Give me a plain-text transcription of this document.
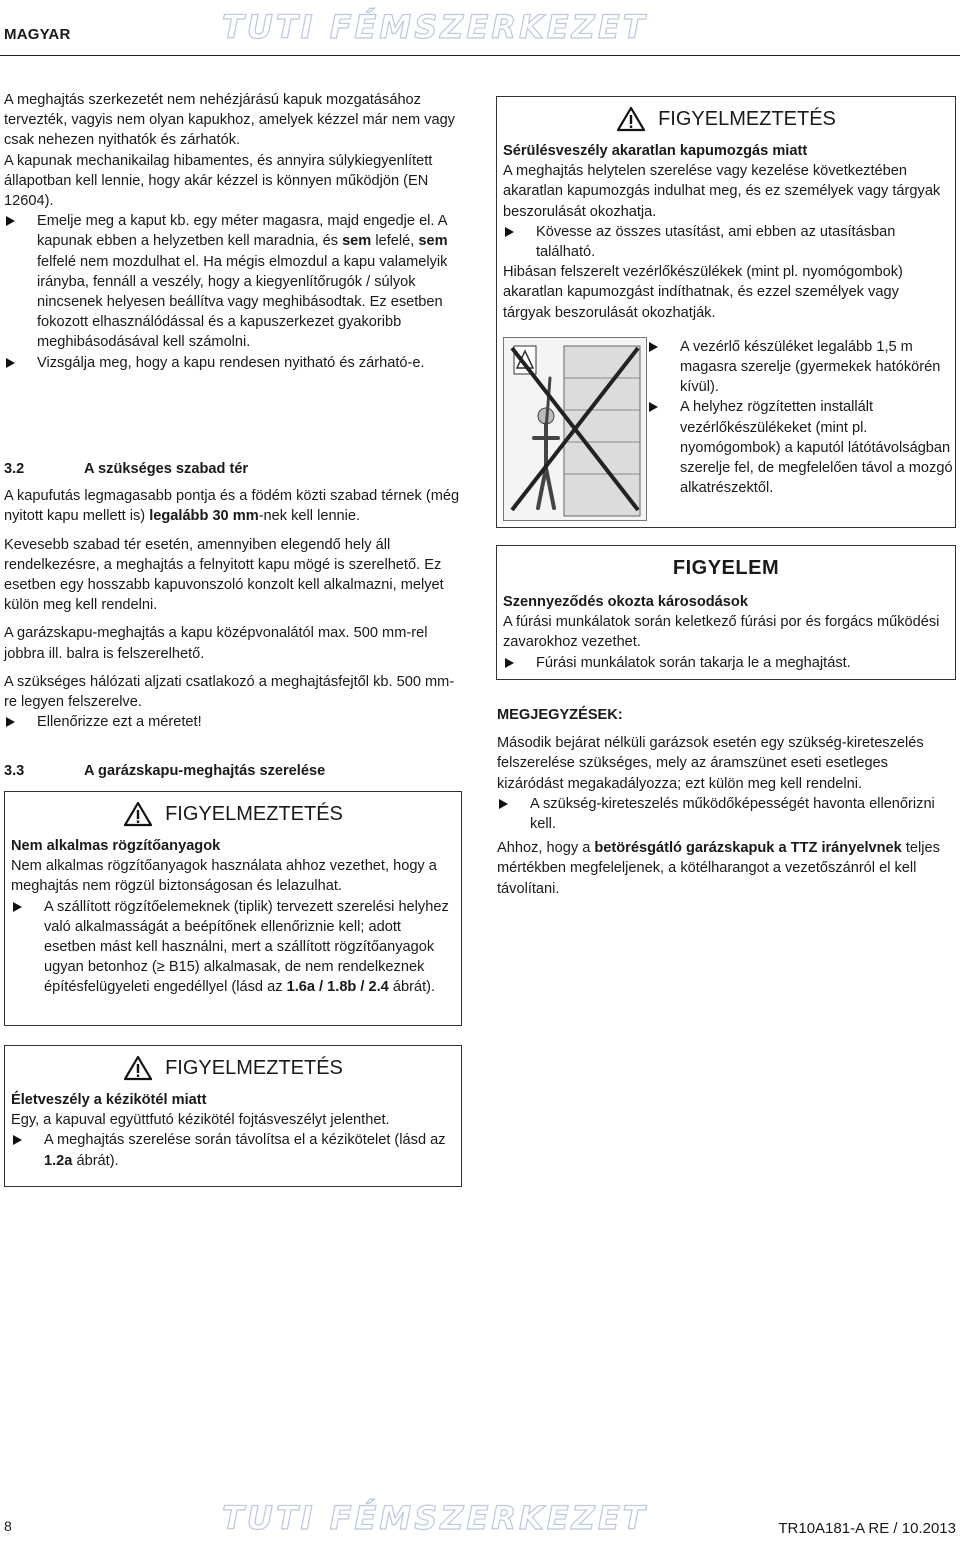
MAGYAR	TUTI FÉMSZERKEZET

A meghajtás szerkezetét nem nehézjárású kapuk mozgatásához tervezték, vagyis nem olyan kapukhoz, amelyek kézzel már nem vagy csak nehezen nyithatók és zárhatók.

A kapunak mechanikailag hibamentes, és annyira súlykiegyenlített állapotban kell lennie, hogy akár kézzel is könnyen működjön (EN 12604).

Emelje meg a kaput kb. egy méter magasra, majd engedje el. A kapunak ebben a helyzetben kell maradnia, és sem lefelé, sem felfelé nem mozdulhat el. Ha mégis elmozdul a kapu valamelyik irányba, fennáll a veszély, hogy a kiegyenlítőrugók / súlyok nincsenek helyesen beállítva vagy meghibásodtak. Ez esetben fokozott elhasználódással és a kapuszerkezet gyakoribb meghibásodásával kell számolni.
Vizsgálja meg, hogy a kapu rendesen nyitható és zárható-e.
3.2	A szükséges szabad tér

A kapufutás legmagasabb pontja és a födém közti szabad térnek (még nyitott kapu mellett is) legalább 30 mm-nek kell lennie.

Kevesebb szabad tér esetén, amennyiben elegendő hely áll rendelkezésre, a meghajtás a felnyitott kapu mögé is szerelhető. Ez esetben egy hosszabb kapuvonszoló konzolt kell alkalmazni, melyet külön meg kell rendelni.

A garázskapu-meghajtás a kapu középvonalától max. 500 mm-rel jobbra ill. balra is felszerelhető.

A szükséges hálózati aljzati csatlakozó a meghajtásfejtől kb. 500 mm-re legyen felszerelve.

Ellenőrizze ezt a méretet!
3.3	A garázskapu-meghajtás szerelése
FIGYELMEZTETÉS
Nem alkalmas rögzítőanyagok

Nem alkalmas rögzítőanyagok használata ahhoz vezethet, hogy a meghajtás nem rögzül biztonságosan és lelazulhat.

A szállított rögzítőelemeknek (tiplik) tervezett szerelési helyhez való alkalmasságát a beépítőnek ellenőriznie kell; adott esetben mást kell használni, mert a szállított rögzítőanyagok ugyan betonhoz (≥ B15) alkalmasak, de nem rendelkeznek építésfelügyeleti engedéllyel (lásd az 1.6a / 1.8b / 2.4 ábrát).
FIGYELMEZTETÉS
Életveszély a kézikötél miatt

Egy, a kapuval együttfutó kézikötél fojtásveszélyt jelenthet.

A meghajtás szerelése során távolítsa el a kézikötelet (lásd az 1.2a ábrát).
FIGYELMEZTETÉS
Sérülésveszély akaratlan kapumozgás miatt

A meghajtás helytelen szerelése vagy kezelése következtében akaratlan kapumozgás indulhat meg, és ez személyek vagy tárgyak beszorulását okozhatja.

Kövesse az összes utasítást, ami ebben az utasításban található.

Hibásan felszerelt vezérlőkészülékek (mint pl. nyomógombok) akaratlan kapumozgást indíthatnak, és ezzel személyek vagy tárgyak beszorulását okozhatják.

A vezérlő készüléket legalább 1,5 m magasra szerelje (gyermekek hatókörén kívül).
A helyhez rögzítetten installált vezérlőkészülékeket (mint pl. nyomógombok) a kaputól látótávolságban szerelje fel, de megfelelően távol a mozgó alkatrészektől.
FIGYELEM
Szennyeződés okozta károsodások

A fúrási munkálatok során keletkező fúrási por és forgács működési zavarokhoz vezethet.

Fúrási munkálatok során takarja le a meghajtást.
MEGJEGYZÉSEK:

Második bejárat nélküli garázsok esetén egy szükség-kireteszelés felszerelése szükséges, mely az áramszünet eseti esetleges kizáródást megakadályozza; ezt külön meg kell rendelni.

A szükség-kireteszelés működőképességét havonta ellenőrizni kell.

Ahhoz, hogy a betörésgátló garázskapuk a TTZ irányelvnek teljes mértékben megfeleljenek, a kötélharangot a vezetőszánról el kell távolítani.

8	TUTI FÉMSZERKEZET	TR10A181-A RE / 10.2013
